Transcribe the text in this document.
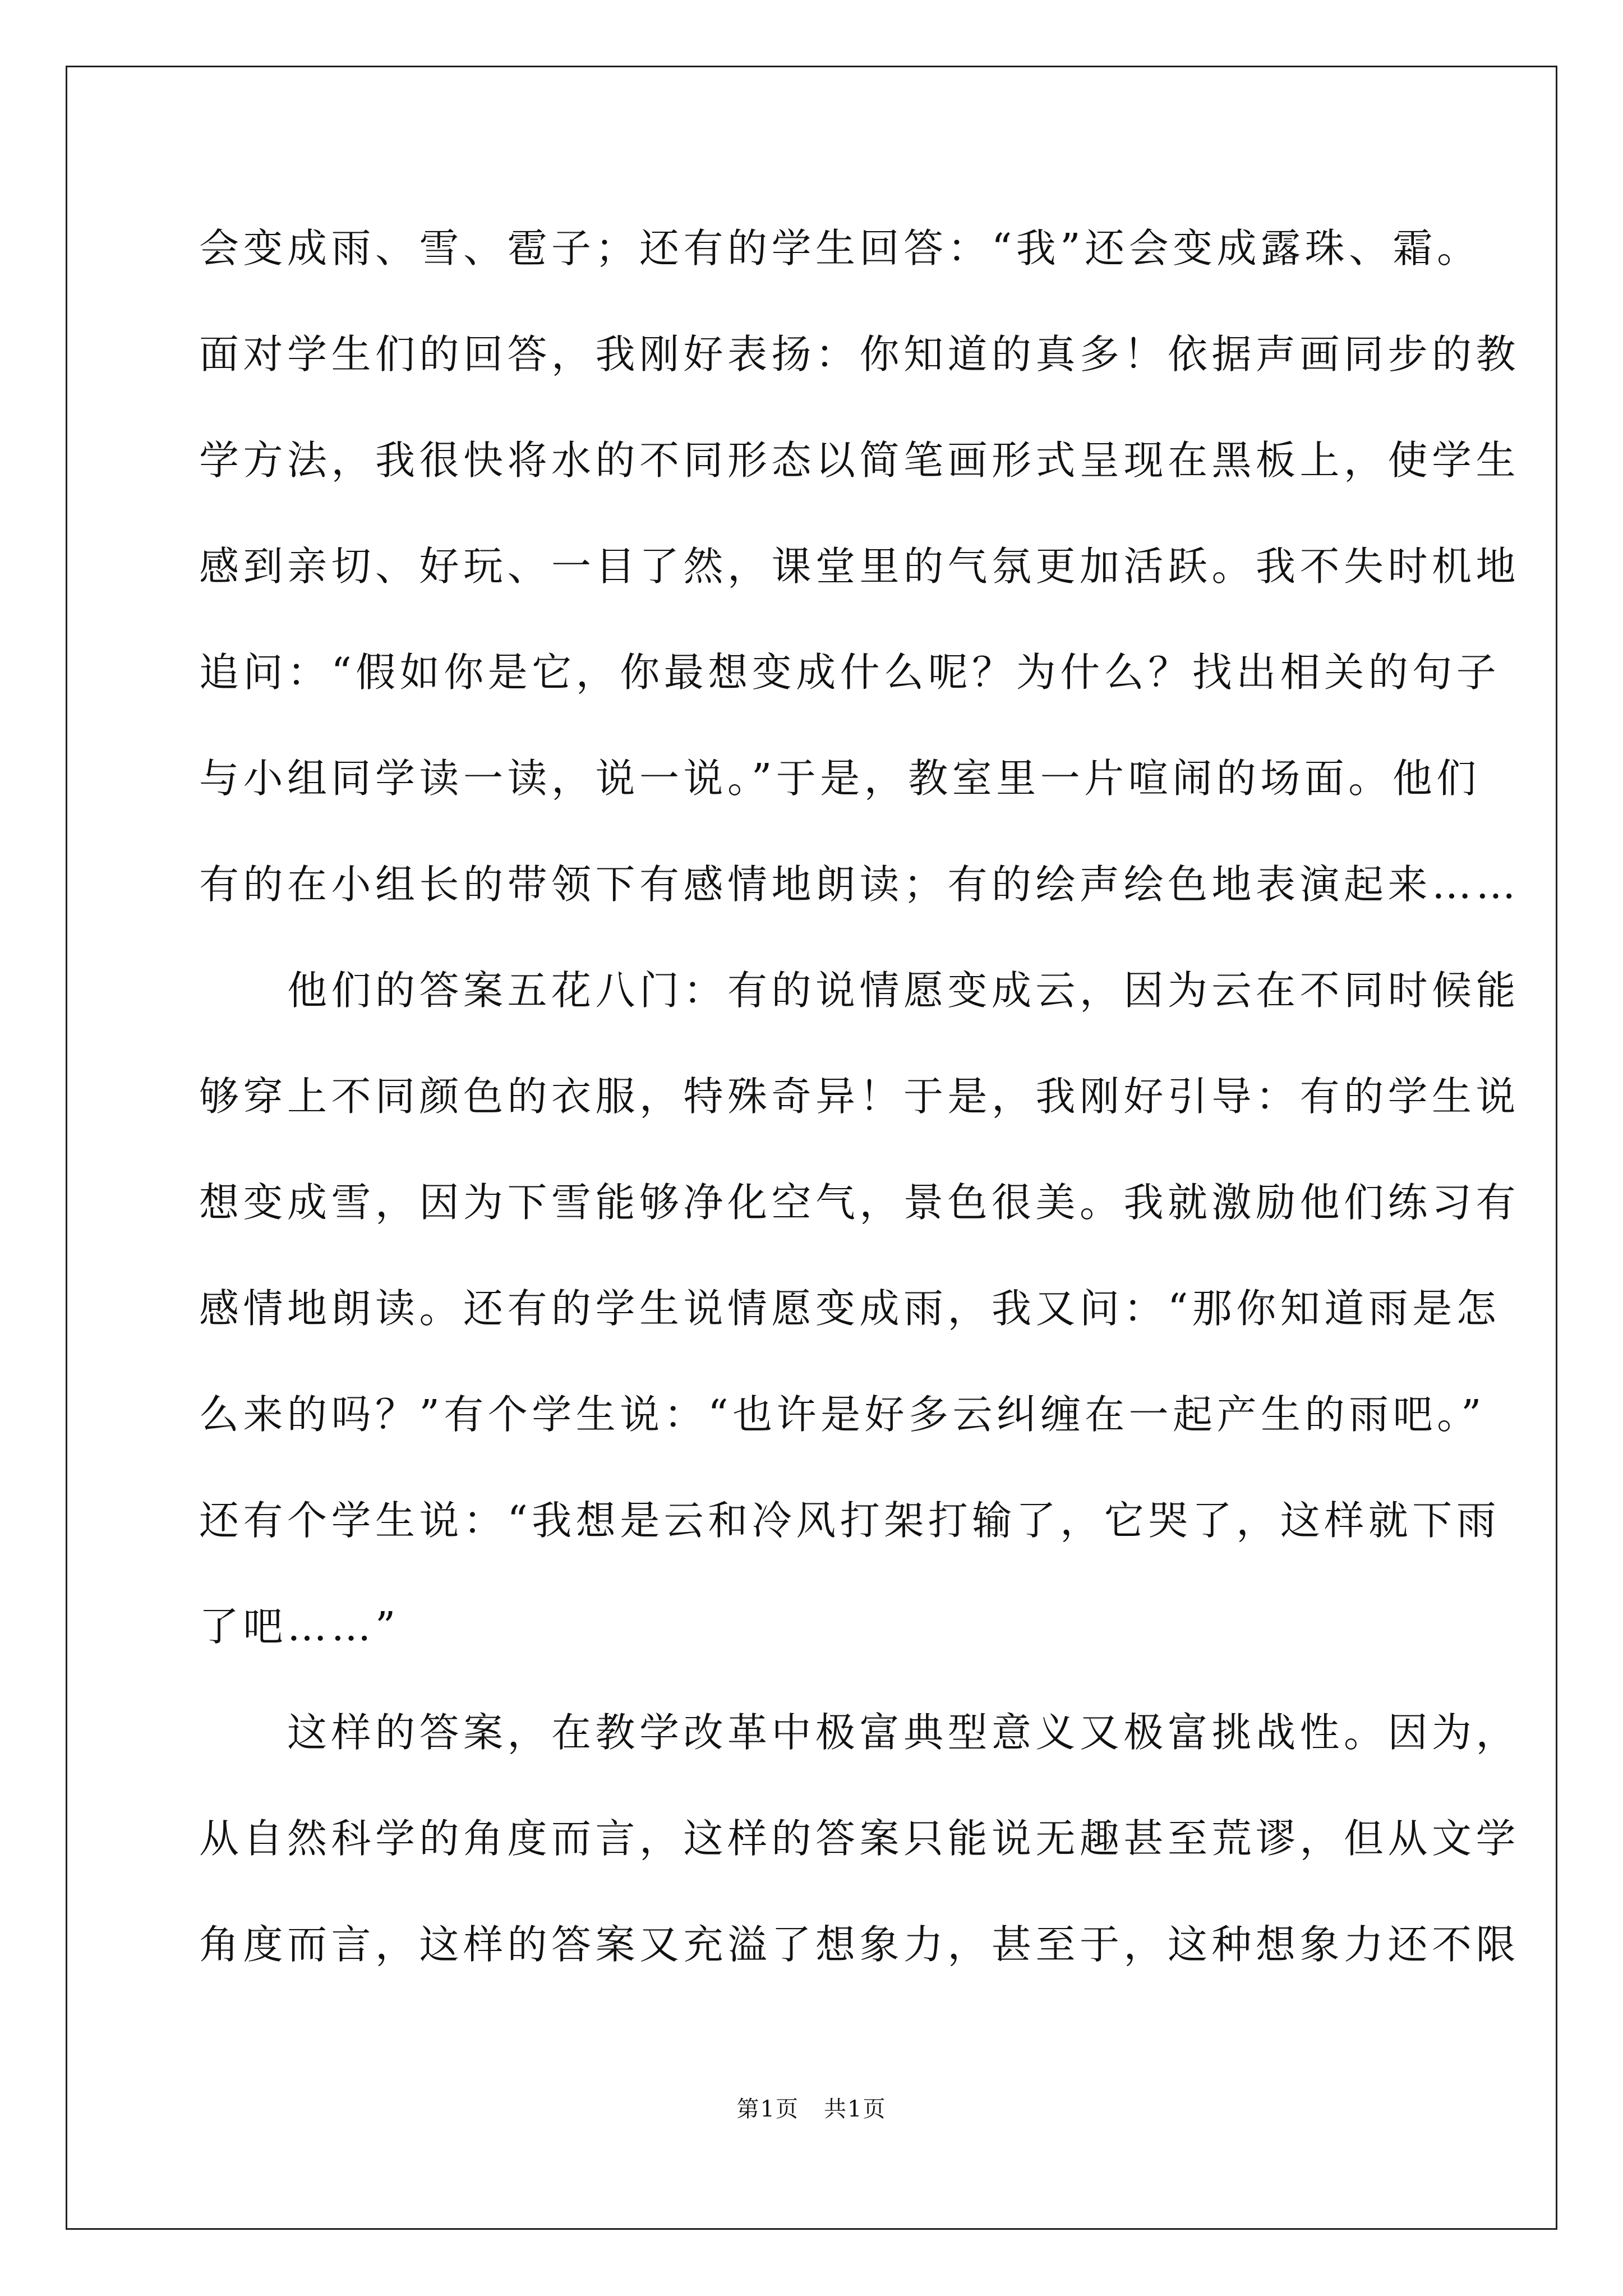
会变成雨、雪、雹子；还有的学生回答：“我”还会变成露珠、霜。
面对学生们的回答，我刚好表扬：你知道的真多！依据声画同步的教
学方法，我很快将水的不同形态以简笔画形式呈现在黑板上，使学生
感到亲切、好玩、一目了然，课堂里的气氛更加活跃。我不失时机地
追问：“假如你是它，你最想变成什么呢？为什么？找出相关的句子
与小组同学读一读，说一说。”于是，教室里一片喧闹的场面。他们
有的在小组长的带领下有感情地朗读；有的绘声绘色地表演起来……
　　他们的答案五花八门：有的说情愿变成云，因为云在不同时候能
够穿上不同颜色的衣服，特殊奇异！于是，我刚好引导：有的学生说
想变成雪，因为下雪能够净化空气，景色很美。我就激励他们练习有
感情地朗读。还有的学生说情愿变成雨，我又问：“那你知道雨是怎
么来的吗？”有个学生说：“也许是好多云纠缠在一起产生的雨吧。”
还有个学生说：“我想是云和冷风打架打输了，它哭了，这样就下雨
了吧……”
　　这样的答案，在教学改革中极富典型意义又极富挑战性。因为，
从自然科学的角度而言，这样的答案只能说无趣甚至荒谬，但从文学
角度而言，这样的答案又充溢了想象力，甚至于，这种想象力还不限
第1页 共1页
